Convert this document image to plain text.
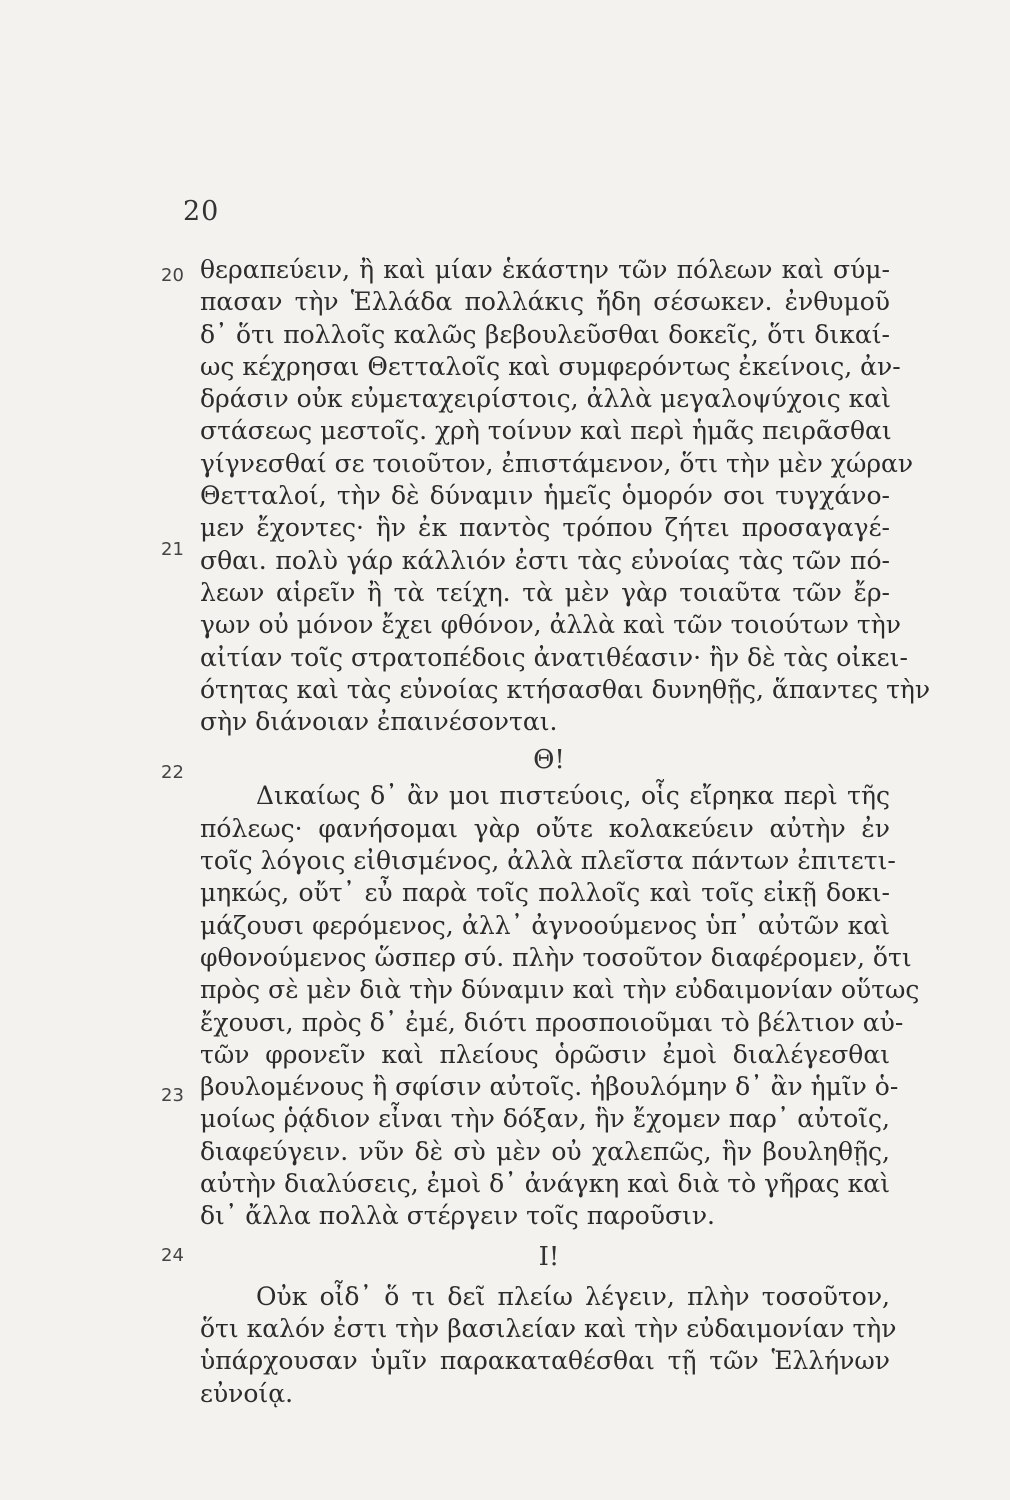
20
20
21
22
23
24
θεραπεύειν, ἢ καὶ μίαν ἑκάστην τῶν πόλεων καὶ σύμ-
πασαν τὴν Ἑλλάδα πολλάκις ἤδη σέσωκεν. ἐνθυμοῦ
δ᾽ ὅτι πολλοῖς καλῶς βεβουλεῦσθαι δοκεῖς, ὅτι δικαί-
ως κέχρησαι Θετταλοῖς καὶ συμφερόντως ἐκείνοις, ἀν-
δράσιν οὐκ εὐμεταχειρίστοις, ἀλλὰ μεγαλοψύχοις καὶ
στάσεως μεστοῖς. χρὴ τοίνυν καὶ περὶ ἡμᾶς πειρᾶσθαι
γίγνεσθαί σε τοιοῦτον, ἐπιστάμενον, ὅτι τὴν μὲν χώραν
Θετταλοί, τὴν δὲ δύναμιν ἡμεῖς ὁμορόν σοι τυγχάνο-
μεν ἔχοντες· ἣν ἐκ παντὸς τρόπου ζήτει προσαγαγέ-
σθαι. πολὺ γάρ κάλλιόν ἐστι τὰς εὐνοίας τὰς τῶν πό-
λεων αἱρεῖν ἢ τὰ τείχη. τὰ μὲν γὰρ τοιαῦτα τῶν ἔρ-
γων οὐ μόνον ἔχει φθόνον, ἀλλὰ καὶ τῶν τοιούτων τὴν
αἰτίαν τοῖς στρατοπέδοις ἀνατιθέασιν· ἢν δὲ τὰς οἰκει-
ότητας καὶ τὰς εὐνοίας κτήσασθαι δυνηθῇς, ἅπαντες τὴν
σὴν διάνοιαν ἐπαινέσονται.
Θ!
Δικαίως δ᾽ ἂν μοι πιστεύοις, οἷς εἴρηκα περὶ τῆς
πόλεως· φανήσομαι γὰρ οὔτε κολακεύειν αὐτὴν ἐν
τοῖς λόγοις εἰθισμένος, ἀλλὰ πλεῖστα πάντων ἐπιτετι-
μηκώς, οὔτ᾽ εὖ παρὰ τοῖς πολλοῖς καὶ τοῖς εἰκῇ δοκι-
μάζουσι φερόμενος, ἀλλ᾽ ἀγνοούμενος ὑπ᾽ αὐτῶν καὶ
φθονούμενος ὥσπερ σύ. πλὴν τοσοῦτον διαφέρομεν, ὅτι
πρὸς σὲ μὲν διὰ τὴν δύναμιν καὶ τὴν εὐδαιμονίαν οὕτως
ἔχουσι, πρὸς δ᾽ ἐμέ, διότι προσποιοῦμαι τὸ βέλτιον αὐ-
τῶν φρονεῖν καὶ πλείους ὁρῶσιν ἐμοὶ διαλέγεσθαι
βουλομένους ἢ σφίσιν αὐτοῖς. ἠβουλόμην δ᾽ ἂν ἡμῖν ὁ-
μοίως ῥᾴδιον εἶναι τὴν δόξαν, ἣν ἔχομεν παρ᾽ αὐτοῖς,
διαφεύγειν. νῦν δὲ σὺ μὲν οὐ χαλεπῶς, ἣν βουληθῇς,
αὐτὴν διαλύσεις, ἐμοὶ δ᾽ ἀνάγκη καὶ διὰ τὸ γῆρας καὶ
δι᾽ ἄλλα πολλὰ στέργειν τοῖς παροῦσιν.
Ι!
Οὐκ οἶδ᾽ ὅ τι δεῖ πλείω λέγειν, πλὴν τοσοῦτον,
ὅτι καλόν ἐστι τὴν βασιλείαν καὶ τὴν εὐδαιμονίαν τὴν
ὑπάρχουσαν ὑμῖν παρακαταθέσθαι τῇ τῶν Ἑλλήνων
εὐνοίᾳ.
